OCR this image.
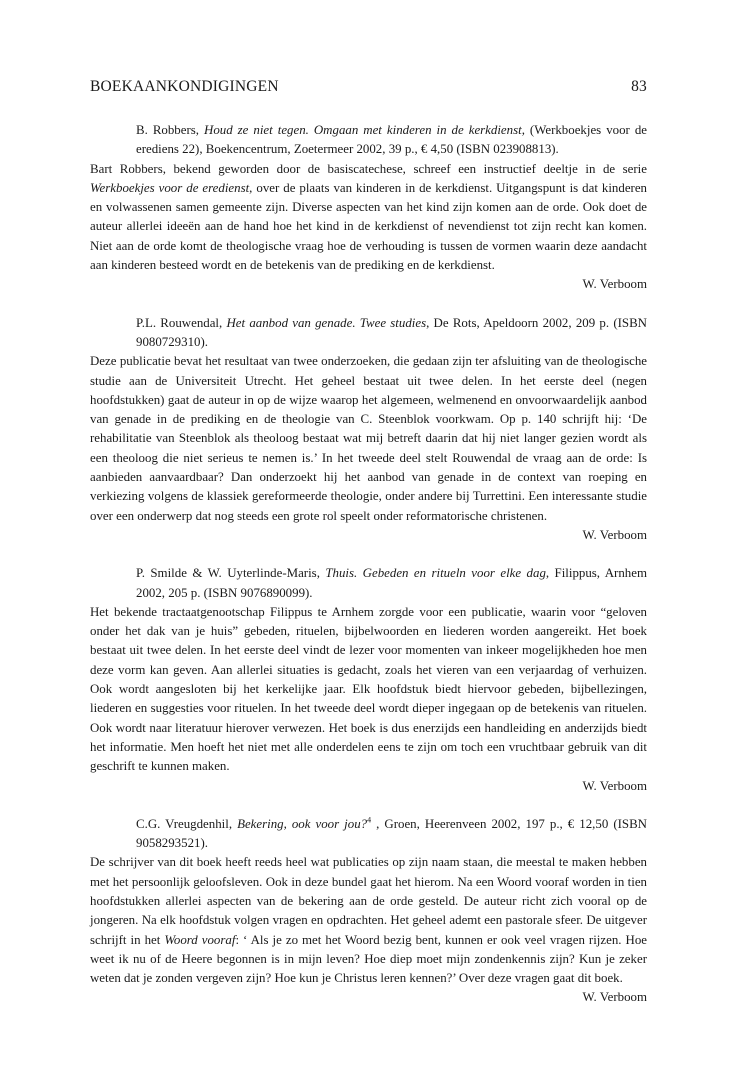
BOEKAANKONDIGINGEN	83
B. Robbers, Houd ze niet tegen. Omgaan met kinderen in de kerkdienst, (Werkboekjes voor de erediens 22), Boekencentrum, Zoetermeer 2002, 39 p., € 4,50 (ISBN 023908813).

Bart Robbers, bekend geworden door de basiscatechese, schreef een instructief deeltje in de serie Werkboekjes voor de eredienst, over de plaats van kinderen in de kerkdienst. Uitgangspunt is dat kinderen en volwassenen samen gemeente zijn. Diverse aspecten van het kind zijn komen aan de orde. Ook doet de auteur allerlei ideeën aan de hand hoe het kind in de kerkdienst of nevendienst tot zijn recht kan komen. Niet aan de orde komt de theologische vraag hoe de verhouding is tussen de vormen waarin deze aandacht aan kinderen besteed wordt en de betekenis van de prediking en de kerkdienst.

W. Verboom
P.L. Rouwendal, Het aanbod van genade. Twee studies, De Rots, Apeldoorn 2002, 209 p. (ISBN 9080729310).

Deze publicatie bevat het resultaat van twee onderzoeken, die gedaan zijn ter afsluiting van de theologische studie aan de Universiteit Utrecht. Het geheel bestaat uit twee delen. In het eerste deel (negen hoofdstukken) gaat de auteur in op de wijze waarop het algemeen, welmenend en onvoorwaardelijk aanbod van genade in de prediking en de theologie van C. Steenblok voorkwam. Op p. 140 schrijft hij: ‘De rehabilitatie van Steenblok als theoloog bestaat wat mij betreft daarin dat hij niet langer gezien wordt als een theoloog die niet serieus te nemen is.’ In het tweede deel stelt Rouwendal de vraag aan de orde: Is aanbieden aanvaardbaar? Dan onderzoekt hij het aanbod van genade in de context van roeping en verkiezing volgens de klassiek gereformeerde theologie, onder andere bij Turrettini. Een interessante studie over een onderwerp dat nog steeds een grote rol speelt onder reformatorische christenen.

W. Verboom
P. Smilde & W. Uyterlinde-Maris, Thuis. Gebeden en ritueln voor elke dag, Filippus, Arnhem 2002, 205 p. (ISBN 9076890099).

Het bekende tractaatgenootschap Filippus te Arnhem zorgde voor een publicatie, waarin voor “geloven onder het dak van je huis” gebeden, rituelen, bijbelwoorden en liederen worden aangereikt. Het boek bestaat uit twee delen. In het eerste deel vindt de lezer voor momenten van inkeer mogelijkheden hoe men deze vorm kan geven. Aan allerlei situaties is gedacht, zoals het vieren van een verjaardag of verhuizen. Ook wordt aangesloten bij het kerkelijke jaar. Elk hoofdstuk biedt hiervoor gebeden, bijbellezingen, liederen en suggesties voor rituelen. In het tweede deel wordt dieper ingegaan op de betekenis van rituelen. Ook wordt naar literatuur hierover verwezen. Het boek is dus enerzijds een handleiding en anderzijds biedt het informatie. Men hoeft het niet met alle onderdelen eens te zijn om toch een vruchtbaar gebruik van dit geschrift te kunnen maken.

W. Verboom
C.G. Vreugdenhil, Bekering, ook voor jou?$^4$ , Groen, Heerenveen 2002, 197 p., € 12,50 (ISBN 9058293521).

De schrijver van dit boek heeft reeds heel wat publicaties op zijn naam staan, die meestal te maken hebben met het persoonlijk geloofsleven. Ook in deze bundel gaat het hierom. Na een Woord vooraf worden in tien hoofdstukken allerlei aspecten van de bekering aan de orde gesteld. De auteur richt zich vooral op de jongeren. Na elk hoofdstuk volgen vragen en opdrachten. Het geheel ademt een pastorale sfeer. De uitgever schrijft in het Woord vooraf: ‘ Als je zo met het Woord bezig bent, kunnen er ook veel vragen rijzen. Hoe weet ik nu of de Heere begonnen is in mijn leven? Hoe diep moet mijn zondenkennis zijn? Kun je zeker weten dat je zonden vergeven zijn? Hoe kun je Christus leren kennen?’ Over deze vragen gaat dit boek.

W. Verboom
